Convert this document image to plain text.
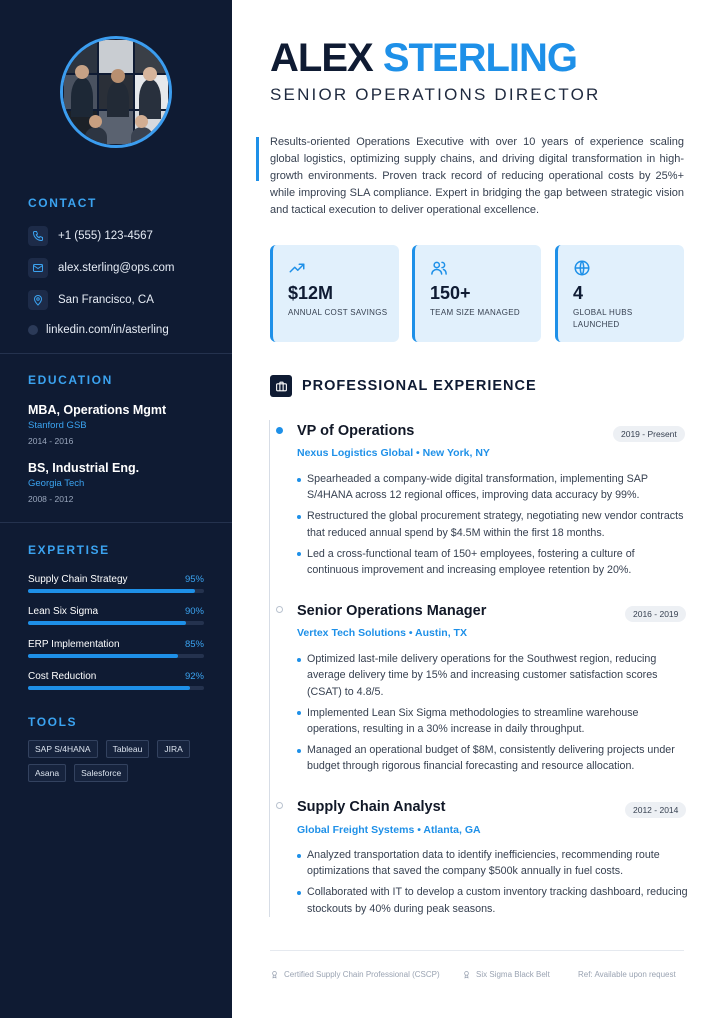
CONTACT
+1 (555) 123-4567
alex.sterling@ops.com
San Francisco, CA
linkedin.com/in/asterling
EDUCATION
MBA, Operations Mgmt
Stanford GSB
2014 - 2016
BS, Industrial Eng.
Georgia Tech
2008 - 2012
EXPERTISE
Supply Chain Strategy	95%
Lean Six Sigma	90%
ERP Implementation	85%
Cost Reduction	92%
TOOLS
SAP S/4HANA	Tableau	JIRA
Asana	Salesforce
ALEX STERLING
SENIOR OPERATIONS DIRECTOR

Results-oriented Operations Executive with over 10 years of experience scaling global logistics, optimizing supply chains, and driving digital transformation in high-growth environments. Proven track record of reducing operational costs by 25%+ while improving SLA compliance. Expert in bridging the gap between strategic vision and tactical execution to deliver operational excellence.

$12M
ANNUAL COST SAVINGS
150+
TEAM SIZE MANAGED
4
GLOBAL HUBS LAUNCHED
PROFESSIONAL EXPERIENCE
VP of Operations	2019 - Present
Nexus Logistics Global • New York, NY
Spearheaded a company-wide digital transformation, implementing SAP S/4HANA across 12 regional offices, improving data accuracy by 99%.
Restructured the global procurement strategy, negotiating new vendor contracts that reduced annual spend by $4.5M within the first 18 months.
Led a cross-functional team of 150+ employees, fostering a culture of continuous improvement and increasing employee retention by 20%.
Senior Operations Manager	2016 - 2019
Vertex Tech Solutions • Austin, TX
Optimized last-mile delivery operations for the Southwest region, reducing average delivery time by 15% and increasing customer satisfaction scores (CSAT) to 4.8/5.
Implemented Lean Six Sigma methodologies to streamline warehouse operations, resulting in a 30% increase in daily throughput.
Managed an operational budget of $8M, consistently delivering projects under budget through rigorous financial forecasting and resource allocation.
Supply Chain Analyst	2012 - 2014
Global Freight Systems • Atlanta, GA
Analyzed transportation data to identify inefficiencies, recommending route optimizations that saved the company $500k annually in fuel costs.
Collaborated with IT to develop a custom inventory tracking dashboard, reducing stockouts by 40% during peak seasons.
Certified Supply Chain Professional (CSCP)	Six Sigma Black Belt	Ref: Available upon request
